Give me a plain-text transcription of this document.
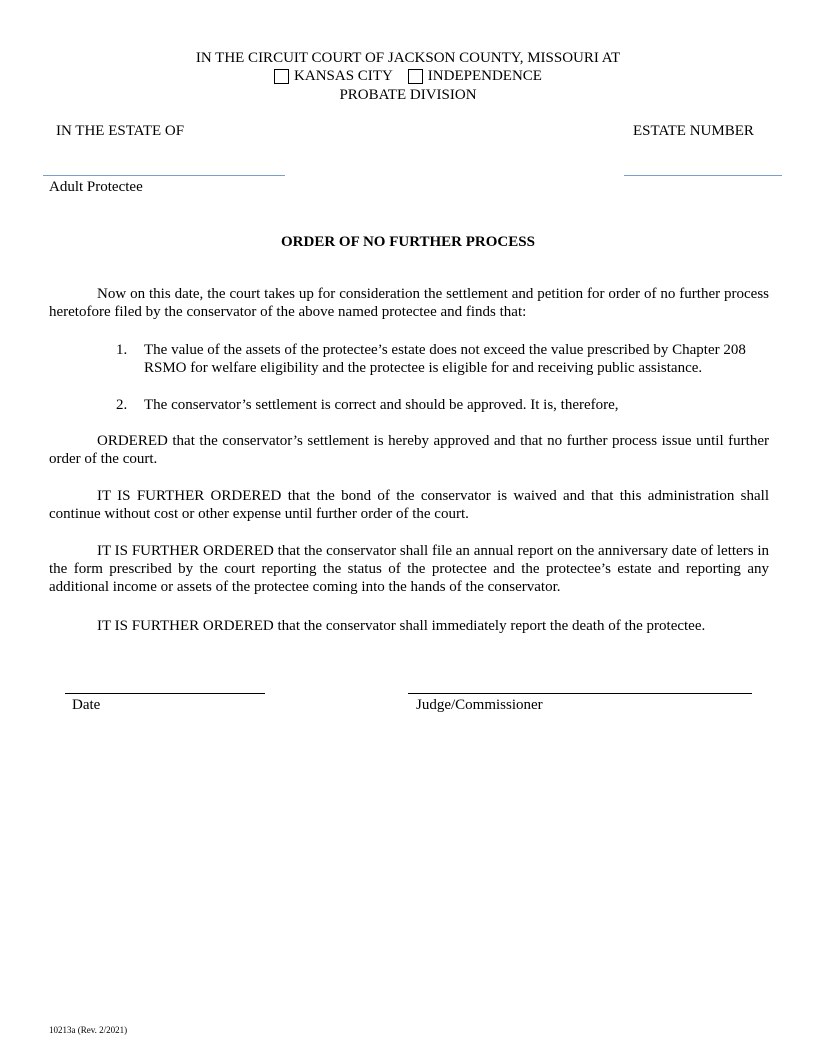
IN THE CIRCUIT COURT OF JACKSON COUNTY, MISSOURI AT
KANSAS CITY INDEPENDENCE
PROBATE DIVISION
IN THE ESTATE OF	ESTATE NUMBER
Adult Protectee
ORDER OF NO FURTHER PROCESS
Now on this date, the court takes up for consideration the settlement and petition for order of no further process heretofore filed by the conservator of the above named protectee and finds that:
1. The value of the assets of the protectee’s estate does not exceed the value prescribed by Chapter 208 RSMO for welfare eligibility and the protectee is eligible for and receiving public assistance.
2. The conservator’s settlement is correct and should be approved. It is, therefore,
ORDERED that the conservator’s settlement is hereby approved and that no further process issue until further order of the court.
IT IS FURTHER ORDERED that the bond of the conservator is waived and that this administration shall continue without cost or other expense until further order of the court.
IT IS FURTHER ORDERED that the conservator shall file an annual report on the anniversary date of letters in the form prescribed by the court reporting the status of the protectee and the protectee’s estate and reporting any additional income or assets of the protectee coming into the hands of the conservator.
IT IS FURTHER ORDERED that the conservator shall immediately report the death of the protectee.
Date	Judge/Commissioner
10213a (Rev. 2/2021)
